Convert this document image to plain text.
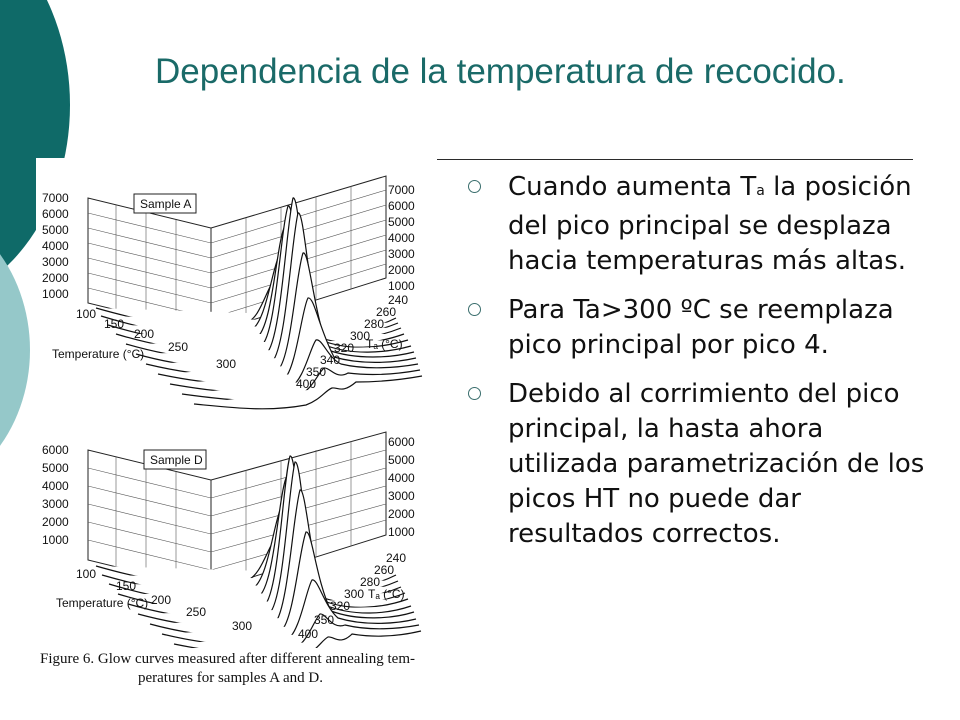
Dependencia de la temperatura de recocido.
Cuando aumenta Ta la posición del pico principal se desplaza hacia temperaturas más altas.
Para Ta>300 ºC se reemplaza pico principal por pico 4.
Debido al corrimiento del pico principal, la hasta ahora utilizada parametrización de los picos HT no puede dar resultados correctos.
Sample A
7000
6000
5000
4000
3000
2000
1000
7000
6000
5000
4000
3000
2000
1000
100
150
200
250
300
Temperature (°C)
240
260
280
300
320
340
350
400
Tₐ (°C)
Sample D
6000
5000
4000
3000
2000
1000
6000
5000
4000
3000
2000
1000
100
150
200
250
300
Temperature (°C)
240
260
280
300
320
350
400
Tₐ (°C)
Figure 6. Glow curves measured after different annealing tem-
peratures for samples A and D.
